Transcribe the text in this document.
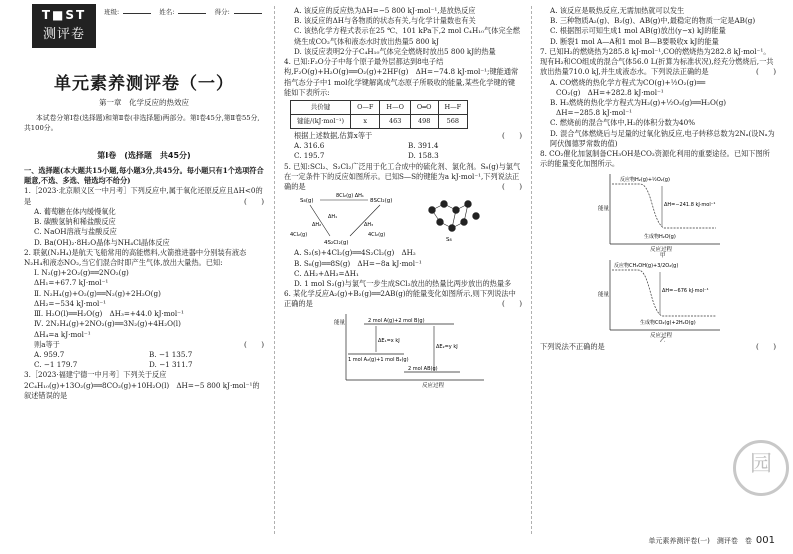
T■ST
测评卷
班级:	姓名:	得分:
单元素养测评卷（一）
第一章　化学反应的热效应
本试卷分第Ⅰ卷(选择题)和第Ⅱ卷(非选择题)两部分。第Ⅰ卷45分,第Ⅱ卷55分,共100分。
第Ⅰ卷　(选择题　共45分)

一、选择题(本大题共15小题,每小题3分,共45分。每小题只有1个选项符合题意,不选、多选、错选均不给分)

1.［2023·北京顺义区一中月考］下列反应中,属于氧化还原反应且ΔH<0的是	(　　)

A. 葡萄糖在体内缓慢氧化

B. 碳酸氢钠和稀盐酸反应

C. NaOH溶液与盐酸反应

D. Ba(OH)₂·8H₂O晶体与NH₄Cl晶体反应

2. 联氨(N₂H₄)是航天飞船常用的高能燃料,火箭推进器中分别装有液态N₂H₄和液态NO₂,当它们混合时即产生气体,放出大量热。已知:

Ⅰ. N₂(g)+2O₂(g)══2NO₂(g)

ΔH₁=+67.7 kJ·mol⁻¹

Ⅱ. N₂H₄(g)+O₂(g)══N₂(g)+2H₂O(g)

ΔH₂=−534 kJ·mol⁻¹

Ⅲ. H₂O(l)══H₂O(g)　ΔH₃=+44.0 kJ·mol⁻¹

Ⅳ. 2N₂H₄(g)+2NO₂(g)══3N₂(g)+4H₂O(l)

ΔH₄=a kJ·mol⁻¹

则a等于	(　　)

A. 959.7	B. −1 135.7
C. −1 179.7	D. −1 311.7

3.［2023·福建宁德一中月考］下列关于反应2C₄H₁₀(g)+13O₂(g)══8CO₂(g)+10H₂O(l)　ΔH=−5 800 kJ·mol⁻¹的叙述错误的是

A. 该反应的反应热为ΔH=−5 800 kJ·mol⁻¹,是放热反应

B. 该反应的ΔH与各物质的状态有关,与化学计量数也有关

C. 该热化学方程式表示在25 ℃、101 kPa下,2 mol C₄H₁₀气体完全燃烧生成CO₂气体和液态水时放出热量5 800 kJ

D. 该反应表明2分子C₄H₁₀气体完全燃烧时放出5 800 kJ的热量

4. 已知:F₂O分子中每个原子最外层都达到8电子结构,F₂O(g)+H₂O(g)══O₂(g)+2HF(g)　ΔH=−74.8 kJ·mol⁻¹;键能通常指气态分子中1 mol化学键解离成气态原子所吸收的能量,某些化学键的键能如下表所示:

共价键	O—F	H—O	O═O	H—F
键能/(kJ·mol⁻¹)	x	463	498	568

根据上述数据,估算x等于	(　　)

A. 316.6	B. 391.4
C. 195.7	D. 158.3

5. 已知:SCl₂、S₂Cl₂广泛用于化工合成中的硫化剂、氯化剂。S₈(g)与氯气在一定条件下的反应如图所示。已知S—S的键能为a kJ·mol⁻¹,下列说法正确的是	(　　)

S₈(g)
8Cl₂(g) ΔH₁
8SCl₂(g)
ΔH₁
ΔH₂	ΔH₃
4Cl₂(g)	4Cl₂(g)
4S₂Cl₂(g)	S₈

A. S₂(s)+4Cl₂(g)══4S₂Cl₂(g)　ΔH₂

B. S₈(g)══8S(g)　ΔH=−8a kJ·mol⁻¹

C. ΔH₂+ΔH₃=ΔH₁

D. 1 mol S₂(g)与氯气一步生成SCl₂放出的热量比两步放出的热量多

6. 某化学反应A₂(g)+B₂(g)══2AB(g)的能量变化如图所示,则下列说法中正确的是	(　　)

能量
反应过程
2 mol A(g)+2 mol B(g)
1 mol A₂(g)+1 mol B₂(g)
2 mol AB(g)
ΔE₁=x kJ
ΔE₂=y kJ

A. 该反应是吸热反应,无需加热就可以发生

B. 三种物质A₂(g)、B₂(g)、AB(g)中,最稳定的物质一定是AB(g)

C. 根据图示可知生成1 mol AB(g)放出(y−x) kJ的能量

D. 断裂1 mol A—A和1 mol B—B要吸收x kJ的能量

7. 已知H₂的燃烧热为285.8 kJ·mol⁻¹,CO的燃烧热为282.8 kJ·mol⁻¹。现有H₂和CO组成的混合气体56.0 L(折算为标准状况),经充分燃烧后,一共放出热量710.0 kJ,并生成液态水。下列说法正确的是	(　　)

A. CO燃烧的热化学方程式为CO(g)+½O₂(g)══

CO₂(g)　ΔH=+282.8 kJ·mol⁻¹

B. H₂燃烧的热化学方程式为H₂(g)+½O₂(g)══H₂O(g)

ΔH=−285.8 kJ·mol⁻¹

C. 燃烧前的混合气体中,H₂的体积分数为40%

D. 混合气体燃烧后与足量的过氧化钠反应,电子转移总数为2Nₐ(设Nₐ为阿伏伽德罗常数的值)

8. CO₂催化加氢制备CH₃OH是CO₂资源化利用的重要途径。已知下图所示的能量变化加图所示。

能量
反应物H₂(g)+½O₂(g)
ΔH=−241.8 kJ·mol⁻¹
生成物H₂O(g)
反应过程
甲
能量
反应物CH₃OH(g)+3/2O₂(g)
ΔH=−676 kJ·mol⁻¹
生成物CO₂(g)+2H₂O(g)
反应过程
乙

下列说法不正确的是	(　　)

园
单元素养测评卷(一)　测评卷　卷 001
